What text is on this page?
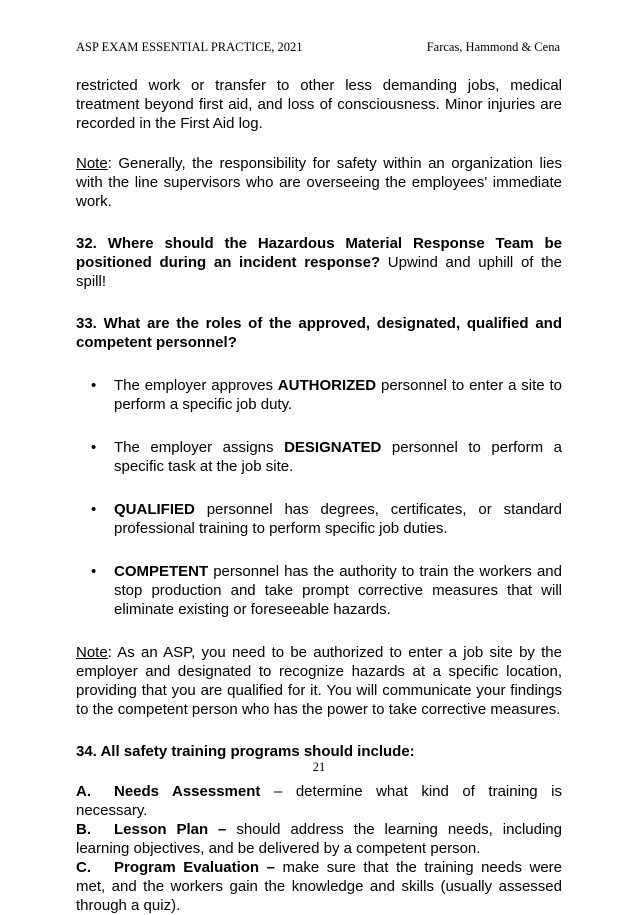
ASP EXAM ESSENTIAL PRACTICE, 2021	Farcas, Hammond & Cena

restricted work or transfer to other less demanding jobs, medical treatment beyond first aid, and loss of consciousness. Minor injuries are recorded in the First Aid log.

Note: Generally, the responsibility for safety within an organization lies with the line supervisors who are overseeing the employees' immediate work.

32. Where should the Hazardous Material Response Team be positioned during an incident response? Upwind and uphill of the spill!

33. What are the roles of the approved, designated, qualified and competent personnel?

• The employer approves AUTHORIZED personnel to enter a site to perform a specific job duty.
• The employer assigns DESIGNATED personnel to perform a specific task at the job site.
• QUALIFIED personnel has degrees, certificates, or standard professional training to perform specific job duties.
• COMPETENT personnel has the authority to train the workers and stop production and take prompt corrective measures that will eliminate existing or foreseeable hazards.

Note: As an ASP, you need to be authorized to enter a job site by the employer and designated to recognize hazards at a specific location, providing that you are qualified for it. You will communicate your findings to the competent person who has the power to take corrective measures.

34. All safety training programs should include:

A. Needs Assessment – determine what kind of training is necessary.

B. Lesson Plan – should address the learning needs, including learning objectives, and be delivered by a competent person.

C. Program Evaluation – make sure that the training needs were met, and the workers gain the knowledge and skills (usually assessed through a quiz).

21
